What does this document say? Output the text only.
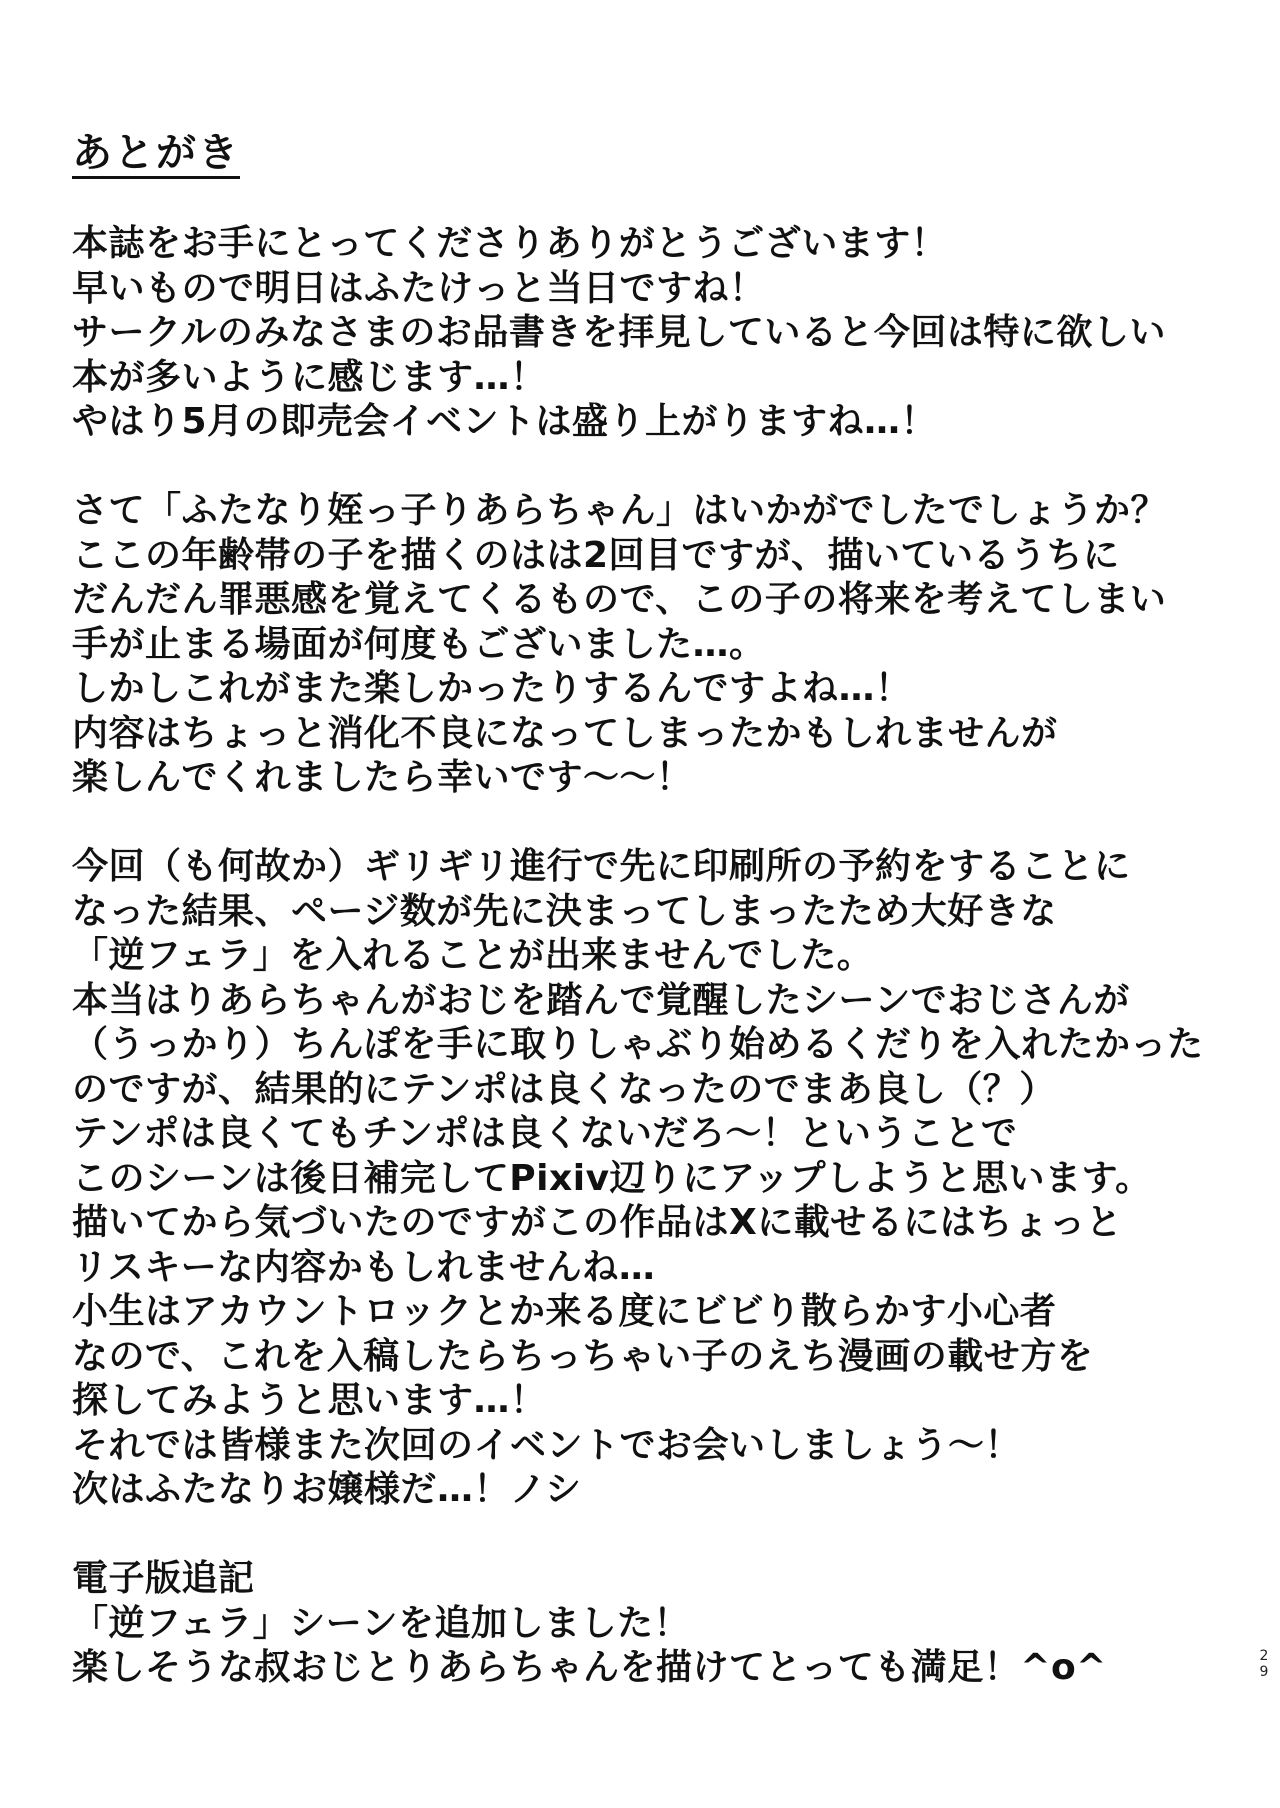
あとがき
本誌をお手にとってくださりありがとうございます！
早いもので明日はふたけっと当日ですね！
サークルのみなさまのお品書きを拝見していると今回は特に欲しい
本が多いように感じます…！
やはり5月の即売会イベントは盛り上がりますね…！
さて「ふたなり姪っ子りあらちゃん」はいかがでしたでしょうか？
ここの年齢帯の子を描くのはは2回目ですが、描いているうちに
だんだん罪悪感を覚えてくるもので、この子の将来を考えてしまい
手が止まる場面が何度もございました…。
しかしこれがまた楽しかったりするんですよね…！
内容はちょっと消化不良になってしまったかもしれませんが
楽しんでくれましたら幸いです〜〜！
今回（も何故か）ギリギリ進行で先に印刷所の予約をすることに
なった結果、ページ数が先に決まってしまったため大好きな
「逆フェラ」を入れることが出来ませんでした。
本当はりあらちゃんがおじを踏んで覚醒したシーンでおじさんが
（うっかり）ちんぽを手に取りしゃぶり始めるくだりを入れたかった
のですが、結果的にテンポは良くなったのでまあ良し（？）
テンポは良くてもチンポは良くないだろ〜！ということで
このシーンは後日補完してPixiv辺りにアップしようと思います。
描いてから気づいたのですがこの作品はXに載せるにはちょっと
リスキーな内容かもしれませんね…
小生はアカウントロックとか来る度にビビり散らかす小心者
なので、これを入稿したらちっちゃい子のえち漫画の載せ方を
探してみようと思います…！
それでは皆様また次回のイベントでお会いしましょう〜！
次はふたなりお嬢様だ…！ノシ
電子版追記
「逆フェラ」シーンを追加しました！
楽しそうな叔おじとりあらちゃんを描けてとっても満足！^o^	29
